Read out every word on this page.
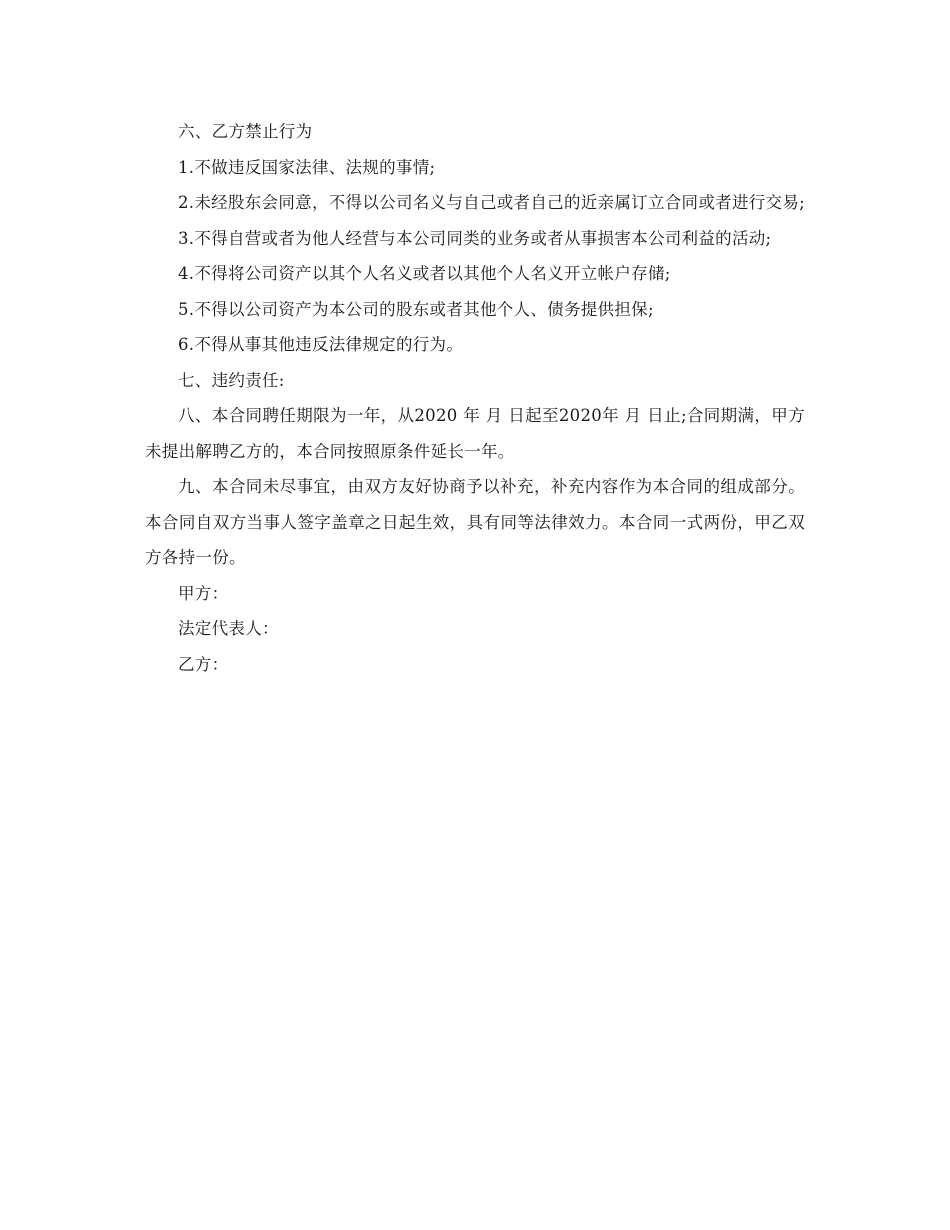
六、乙方禁止行为

1.不做违反国家法律、法规的事情;

2.未经股东会同意，不得以公司名义与自己或者自己的近亲属订立合同或者进行交易;

3.不得自营或者为他人经营与本公司同类的业务或者从事损害本公司利益的活动;

4.不得将公司资产以其个人名义或者以其他个人名义开立帐户存储;

5.不得以公司资产为本公司的股东或者其他个人、债务提供担保;

6.不得从事其他违反法律规定的行为。

七、违约责任:

八、本合同聘任期限为一年，从2020 年 月 日起至2020年 月 日止;合同期满，甲方未提出解聘乙方的，本合同按照原条件延长一年。

九、本合同未尽事宜，由双方友好协商予以补充，补充内容作为本合同的组成部分。本合同自双方当事人签字盖章之日起生效，具有同等法律效力。本合同一式两份，甲乙双方各持一份。

甲方：

法定代表人：

乙方：
